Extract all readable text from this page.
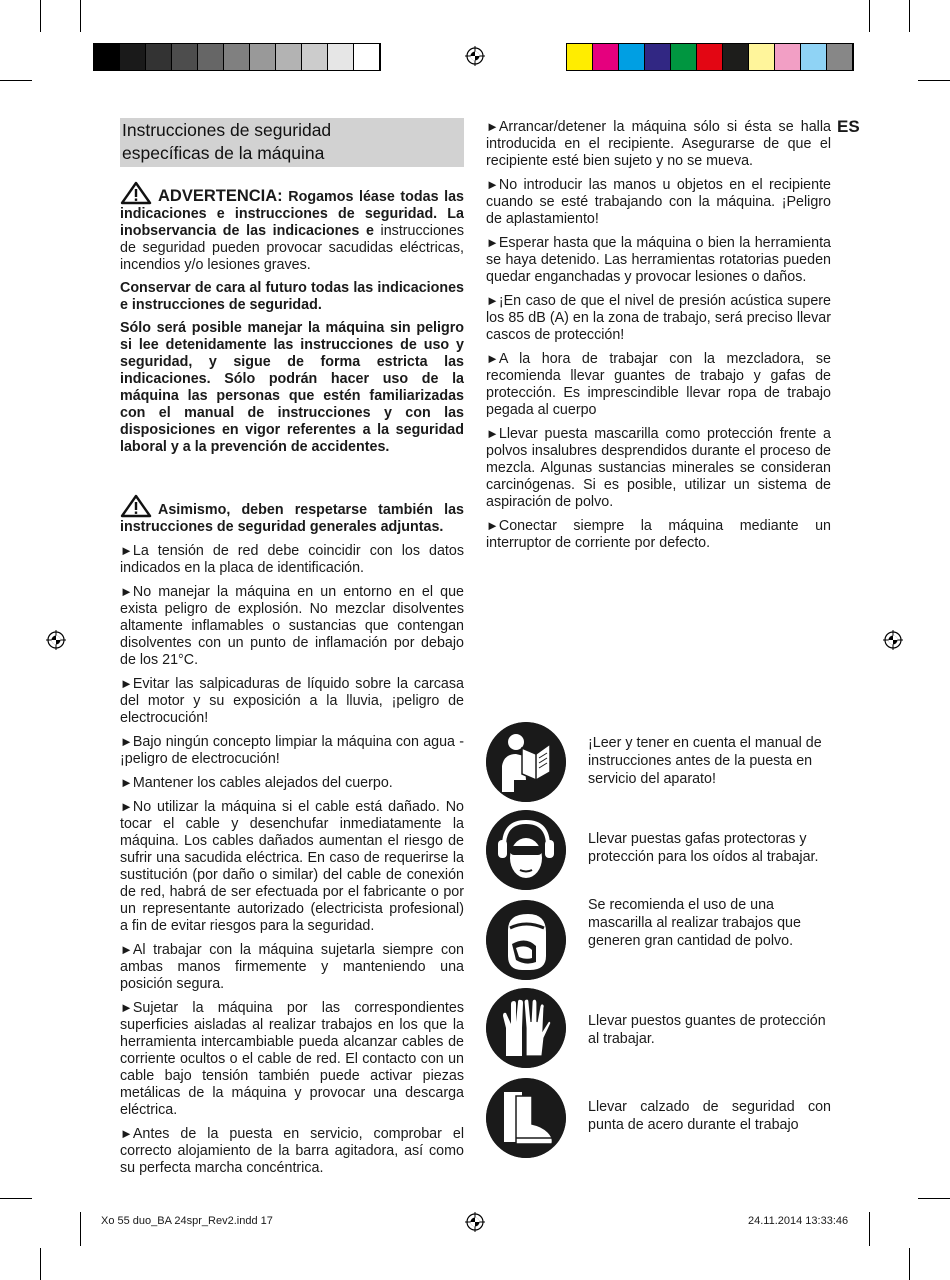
ES
Instrucciones de seguridad
específicas de la máquina

ADVERTENCIA: Rogamos léase todas las indicaciones e instrucciones de seguridad. La inobservancia de las indicaciones e instrucciones de seguridad pueden provocar sacudidas eléctricas, incendios y/o lesiones graves.

Conservar de cara al futuro todas las indicaciones e instrucciones de seguridad.

Sólo será posible manejar la máquina sin peligro si lee detenidamente las instrucciones de uso y seguridad, y sigue de forma estricta las indicaciones. Sólo podrán hacer uso de la máquina las personas que estén familiarizadas con el manual de instrucciones y con las disposiciones en vigor referentes a la seguridad laboral y a la prevención de accidentes.

Asimismo, deben respetarse también las instrucciones de seguridad generales adjuntas.

►La tensión de red debe coincidir con los datos indicados en la placa de identificación.

►No manejar la máquina en un entorno en el que exista peligro de explosión. No mezclar disolventes altamente inflamables o sustancias que contengan disolventes con un punto de inflamación por debajo de los 21°C.

►Evitar las salpicaduras de líquido sobre la carcasa del motor y su exposición a la lluvia, ¡peligro de electrocución!

►Bajo ningún concepto limpiar la máquina con agua - ¡peligro de electrocución!

►Mantener los cables alejados del cuerpo.

►No utilizar la máquina si el cable está dañado. No tocar el cable y desenchufar inmediatamente la máquina. Los cables dañados aumentan el riesgo de sufrir una sacudida eléctrica. En caso de requerirse la sustitución (por daño o similar) del cable de conexión de red, habrá de ser efectuada por el fabricante o por un representante autorizado (electricista profesional) a fin de evitar riesgos para la seguridad.

►Al trabajar con la máquina sujetarla siempre con ambas manos firmemente y manteniendo una posición segura.

►Sujetar la máquina por las correspondientes superficies aisladas al realizar trabajos en los que la herramienta intercambiable pueda alcanzar cables de corriente ocultos o el cable de red. El contacto con un cable bajo tensión también puede activar piezas metálicas de la máquina y provocar una descarga eléctrica.

►Antes de la puesta en servicio, comprobar el correcto alojamiento de la barra agitadora, así como su perfecta marcha concéntrica.

►Arrancar/detener la máquina sólo si ésta se halla introducida en el recipiente. Asegurarse de que el recipiente esté bien sujeto y no se mueva.

►No introducir las manos u objetos en el recipiente cuando se esté trabajando con la máquina. ¡Peligro de aplastamiento!

►Esperar hasta que la máquina o bien la herramienta se haya detenido. Las herramientas rotatorias pueden quedar enganchadas y provocar lesiones o daños.

►¡En caso de que el nivel de presión acústica supere los 85 dB (A) en la zona de trabajo, será preciso llevar cascos de protección!

►A la hora de trabajar con la mezcladora, se recomienda llevar guantes de trabajo y gafas de protección. Es imprescindible llevar ropa de trabajo pegada al cuerpo

►Llevar puesta mascarilla como protección frente a polvos insalubres desprendidos durante el proceso de mezcla. Algunas sustancias minerales se consideran carcinógenas. Si es posible, utilizar un sistema de aspiración de polvo.

►Conectar siempre la máquina mediante un interruptor de corriente por defecto.

¡Leer y tener en cuenta el manual de instrucciones antes de la puesta en servicio del aparato!
Llevar puestas gafas protectoras y protección para los oídos al trabajar.
Se recomienda el uso de una mascarilla al realizar trabajos que generen gran cantidad de polvo.
Llevar puestos guantes de protección al trabajar.
Llevar calzado de seguridad con punta de acero durante el trabajo
Xo 55 duo_BA 24spr_Rev2.indd 17	24.11.2014 13:33:46
